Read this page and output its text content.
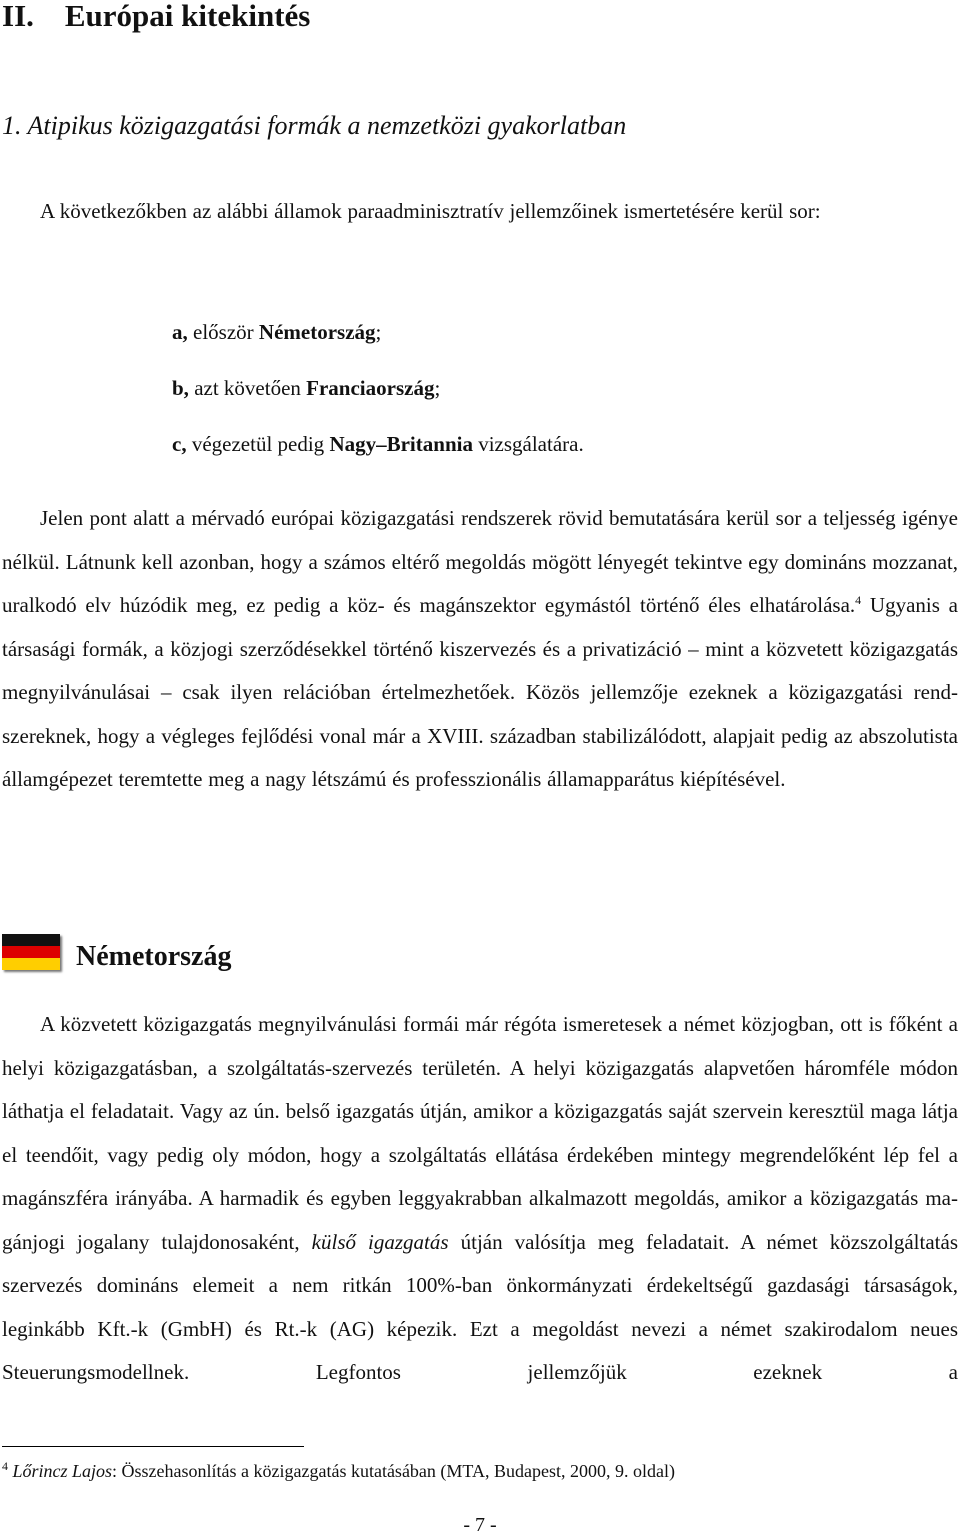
II.    Európai kitekintés
1. Atipikus közigazgatási formák a nemzetközi gyakorlatban

A következőkben az alábbi államok paraadminisztratív jellemzőinek ismertetésére kerül sor:

a, először Németország;
b, azt követően Franciaország;
c, végezetül pedig Nagy–Britannia vizsgálatára.

Jelen pont alatt a mérvadó európai közigazgatási rendszerek rövid bemutatására kerül sor a teljesség igénye nélkül. Látnunk kell azonban, hogy a számos eltérő megoldás mögött lényegét tekintve egy domináns mozzanat, uralkodó elv húzódik meg, ez pedig a köz- és magánszektor egymástól történő éles elhatárolása.$^4$ Ugyanis a társasági formák, a közjogi szerződésekkel történő kiszervezés és a privatizáció – mint a közvetett közigazgatás megnyilvánulásai – csak ilyen relációban értelmezhetőek. Közös jellemzője ezeknek a közigazgatási rendszereknek, hogy a végleges fejlődési vonal már a XVIII. században stabilizálódott, alapjait pedig az abszolutista államgépezet teremtette meg a nagy létszámú és professzionális államapparátus kiépítésével.

Németország

A közvetett közigazgatás megnyilvánulási formái már régóta ismeretesek a német közjogban, ott is főként a helyi közigazgatásban, a szolgáltatás-szervezés területén. A helyi közigazgatás alapvetően háromféle módon láthatja el feladatait. Vagy az ún. belső igazgatás útján, amikor a közigazgatás saját szervein keresztül maga látja el teendőit, vagy pedig oly módon, hogy a szolgáltatás ellátása érdekében mintegy megrendelőként lép fel a magánszféra irányába. A harmadik és egyben leggyakrabban alkalmazott megoldás, amikor a közigazgatás magánjogi jogalany tulajdonosaként, külső igazgatás útján valósítja meg feladatait. A német közszolgáltatás szervezés domináns elemeit a nem ritkán 100%-ban önkormányzati érdekeltségű gazdasági társaságok, leginkább Kft.-k (GmbH) és Rt.-k (AG) képezik. Ezt a megoldást nevezi a német szakirodalom neues Steuerungsmodellnek. Legfontos jellemzőjük ezeknek a

$^4$ Lőrincz Lajos: Összehasonlítás a közigazgatás kutatásában (MTA, Budapest, 2000, 9. oldal)

- 7 -
